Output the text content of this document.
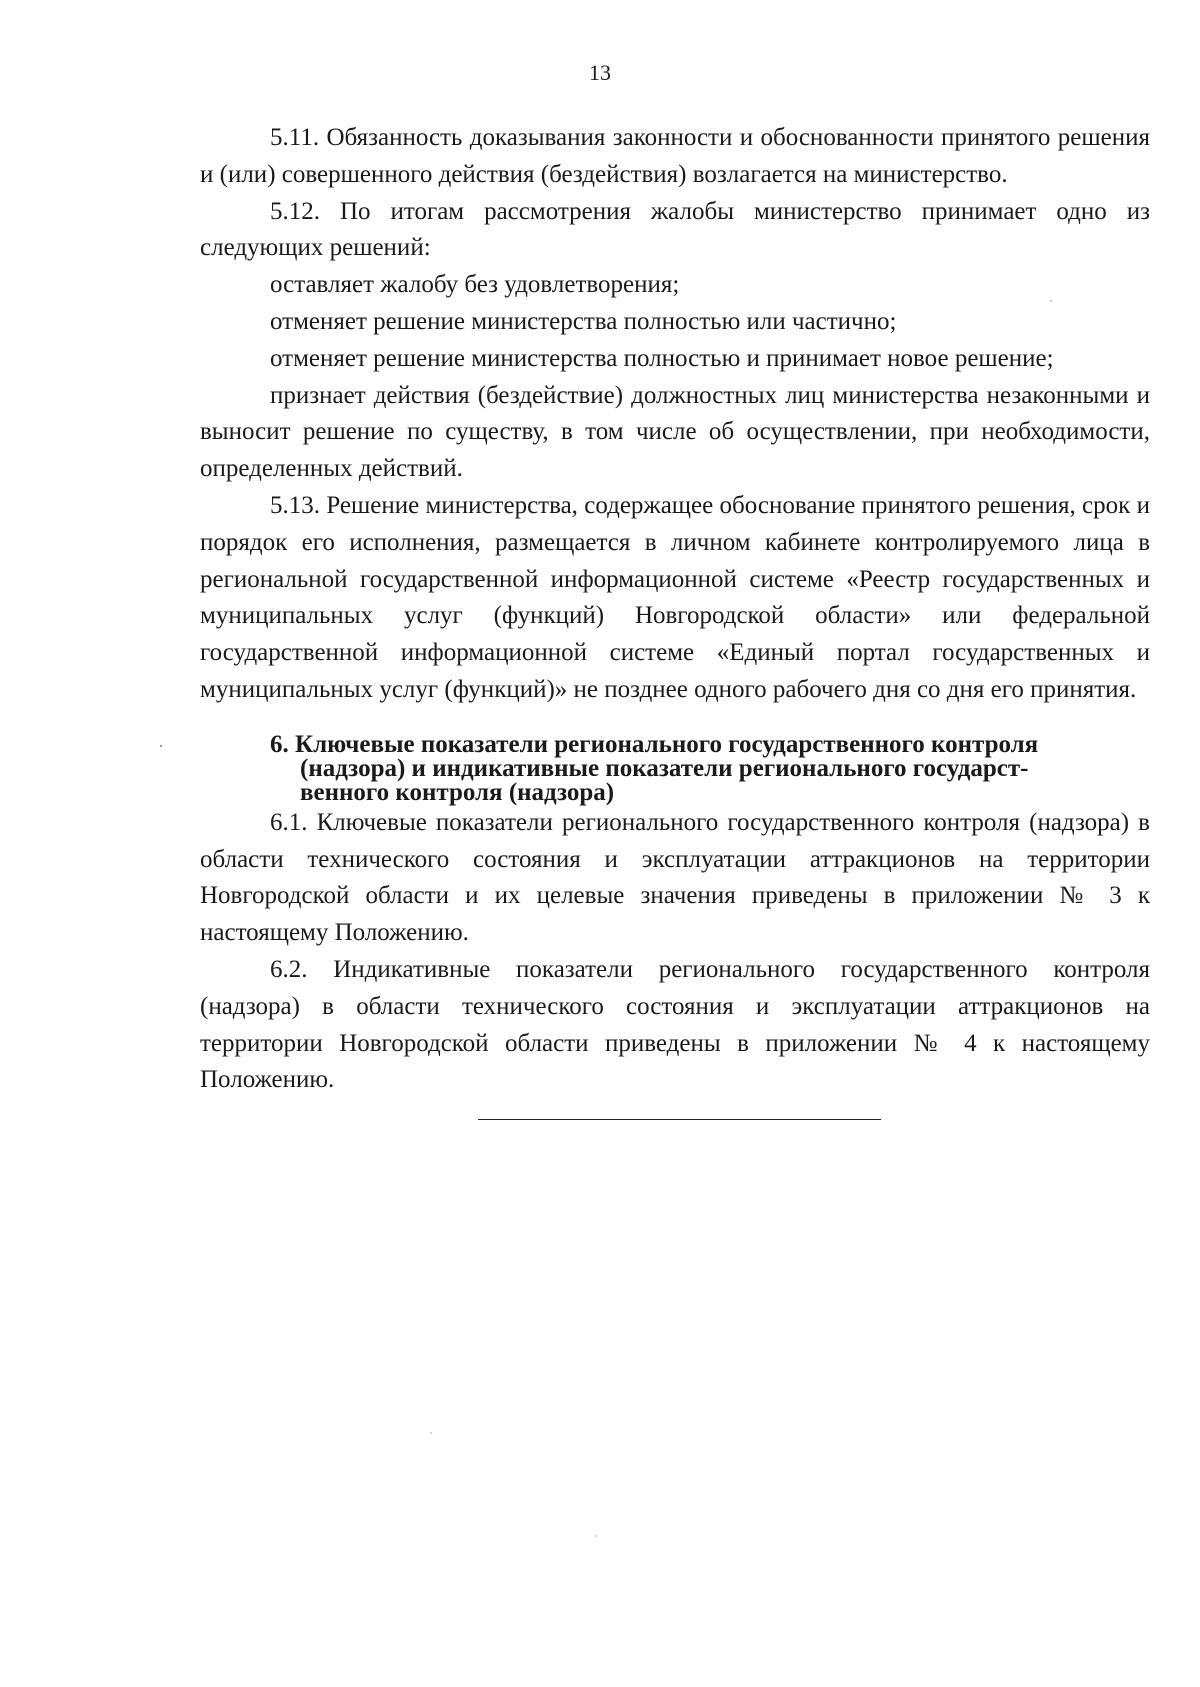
13

5.11. Обязанность доказывания законности и обоснованности принятого решения и (или) совершенного действия (бездействия) возлагается на министерство.

5.12. По итогам рассмотрения жалобы министерство принимает одно из следующих решений:

оставляет жалобу без удовлетворения;

отменяет решение министерства полностью или частично;

отменяет решение министерства полностью и принимает новое решение;

признает действия (бездействие) должностных лиц министерства незаконными и выносит решение по существу, в том числе об осуществлении, при необходимости, определенных действий.

5.13. Решение министерства, содержащее обоснование принятого решения, срок и порядок его исполнения, размещается в личном кабинете контролируемого лица в региональной государственной информационной системе «Реестр государственных и муниципальных услуг (функций) Новгородской области» или федеральной государственной информационной системе «Единый портал государственных и муниципальных услуг (функций)» не позднее одного рабочего дня со дня его принятия.

6. Ключевые показатели регионального государственного контроля
(надзора) и индикативные показатели регионального государст-
венного контроля (надзора)

6.1. Ключевые показатели регионального государственного контроля (надзора) в области технического состояния и эксплуатации аттракционов на территории Новгородской области и их целевые значения приведены в приложении № 3 к настоящему Положению.

6.2. Индикативные показатели регионального государственного контроля (надзора) в области технического состояния и эксплуатации аттракционов на территории Новгородской области приведены в приложении № 4 к настоящему Положению.
